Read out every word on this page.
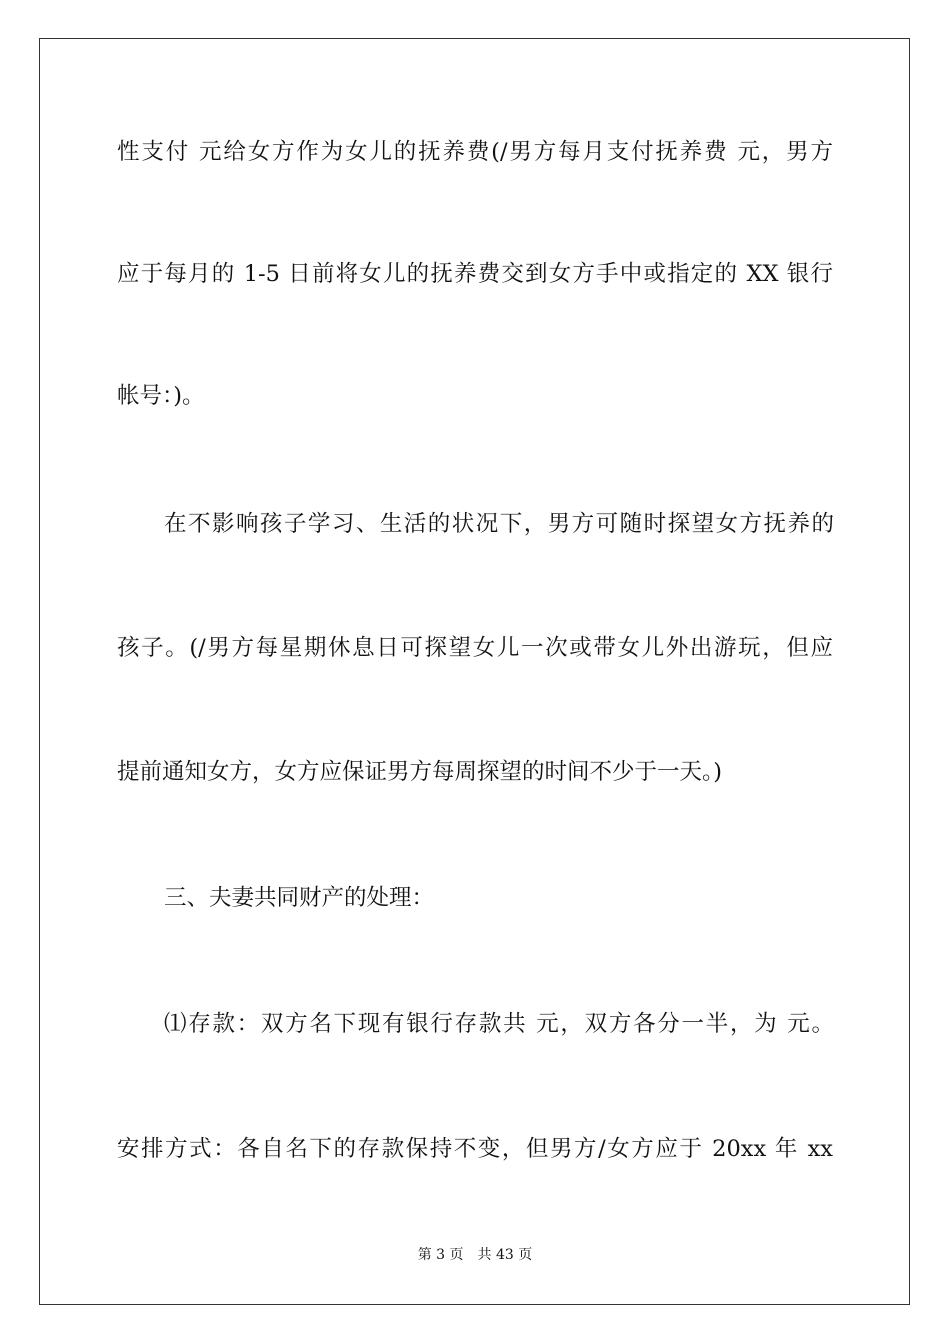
性支付 元给女方作为女儿的抚养费(/男方每月支付抚养费 元，男方
应于每月的 1-5 日前将女儿的抚养费交到女方手中或指定的 XX 银行
帐号：)。
在不影响孩子学习、生活的状况下，男方可随时探望女方抚养的
孩子。(/男方每星期休息日可探望女儿一次或带女儿外出游玩，但应
提前通知女方，女方应保证男方每周探望的时间不少于一天。)
三、夫妻共同财产的处理：
⑴存款：双方名下现有银行存款共 元，双方各分一半，为 元。
安排方式：各自名下的存款保持不变，但男方/女方应于 20xx 年 xx
第 3 页 共 43 页
